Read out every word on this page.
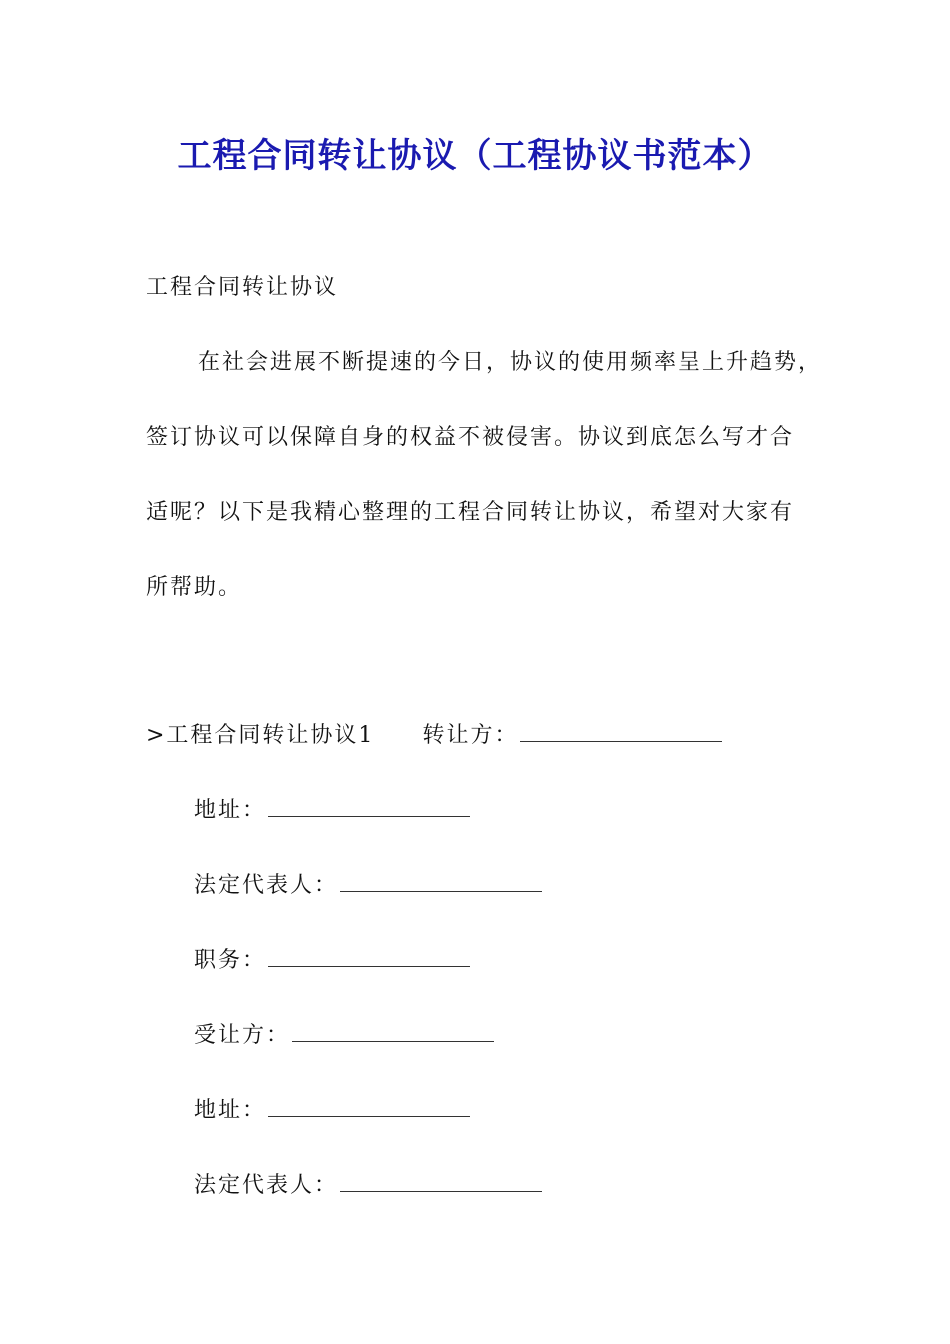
工程合同转让协议（工程协议书范本）
工程合同转让协议
在社会进展不断提速的今日，协议的使用频率呈上升趋势，
签订协议可以保障自身的权益不被侵害。协议到底怎么写才合
适呢？以下是我精心整理的工程合同转让协议，希望对大家有
所帮助。
>工程合同转让协议1 转让方：
地址：
法定代表人：
职务：
受让方：
地址：
法定代表人：
